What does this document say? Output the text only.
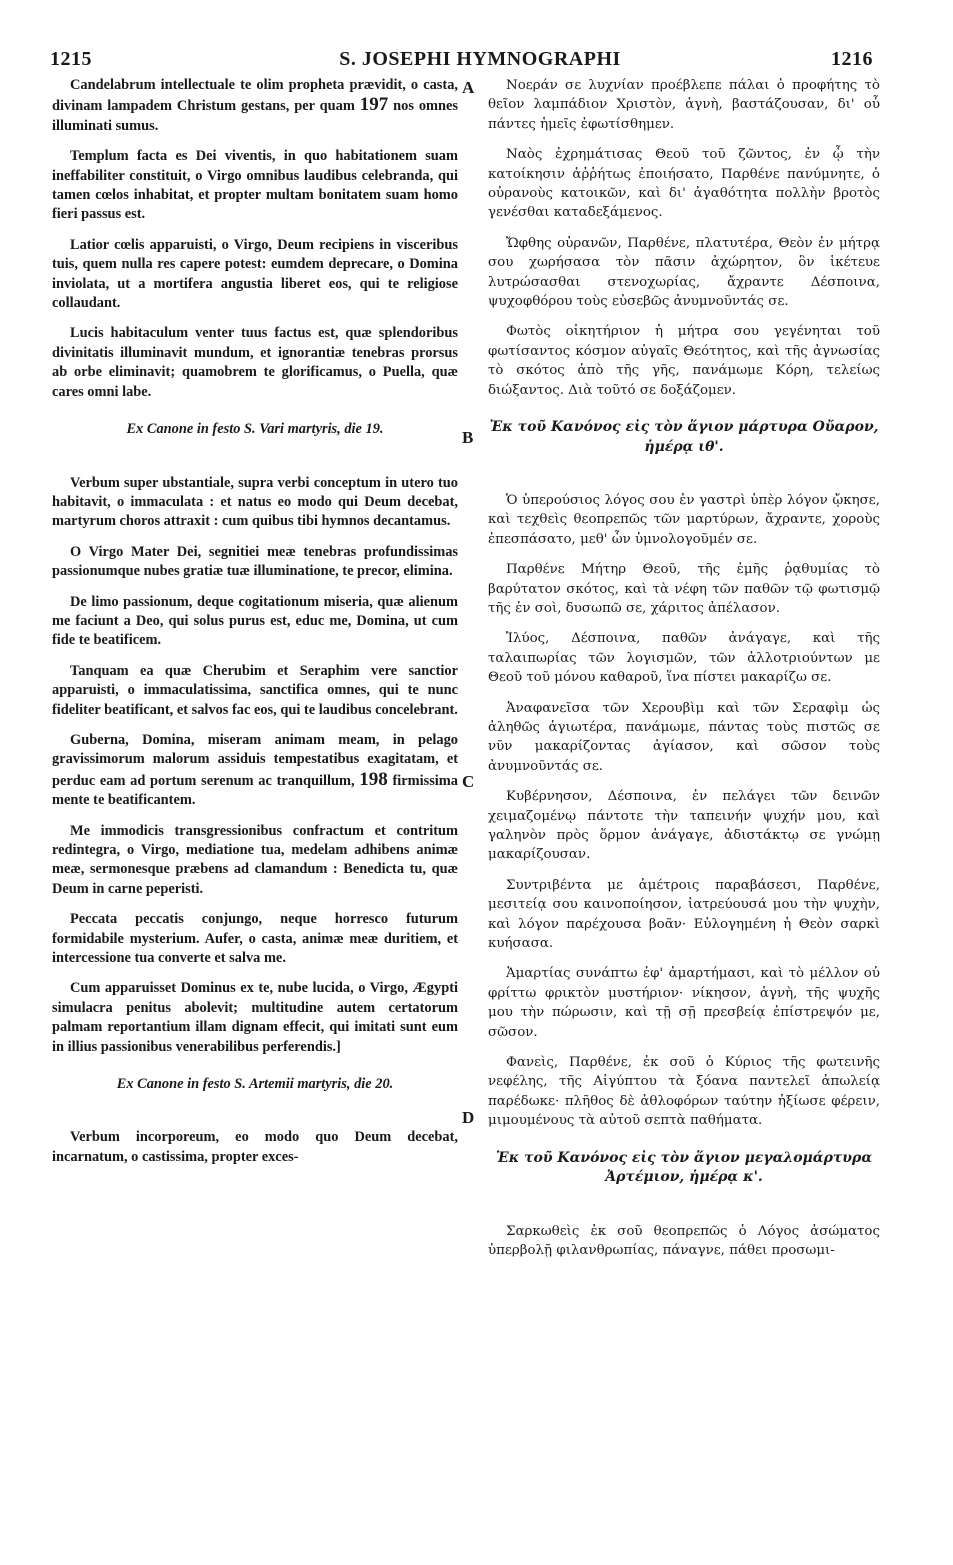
1215	S. JOSEPHI HYMNOGRAPHI	1216
A
B
C
D

Candelabrum intellectuale te olim propheta prævidit, o casta, divinam lampadem Christum gestans, per quam 197 nos omnes illuminati sumus.

Templum facta es Dei viventis, in quo habitationem suam ineffabiliter constituit, o Virgo omnibus laudibus celebranda, qui tamen cœlos inhabitat, et propter multam bonitatem suam homo fieri passus est.

Latior cœlis apparuisti, o Virgo, Deum recipiens in visceribus tuis, quem nulla res capere potest: eumdem deprecare, o Domina inviolata, ut a mortifera angustia liberet eos, qui te religiose collaudant.

Lucis habitaculum venter tuus factus est, quæ splendoribus divinitatis illuminavit mundum, et ignorantiæ tenebras prorsus ab orbe eliminavit; quamobrem te glorificamus, o Puella, quæ cares omni labe.

Ex Canone in festo S. Vari martyris, die 19.

Verbum super ubstantiale, supra verbi conceptum in utero tuo habitavit, o immaculata : et natus eo modo qui Deum decebat, martyrum choros attraxit : cum quibus tibi hymnos decantamus.

O Virgo Mater Dei, segnitiei meæ tenebras profundissimas passionumque nubes gratiæ tuæ illuminatione, te precor, elimina.

De limo passionum, deque cogitationum miseria, quæ alienum me faciunt a Deo, qui solus purus est, educ me, Domina, ut cum fide te beatificem.

Tanquam ea quæ Cherubim et Seraphim vere sanctior apparuisti, o immaculatissima, sanctifica omnes, qui te nunc fideliter beatificant, et salvos fac eos, qui te laudibus concelebrant.

Guberna, Domina, miseram animam meam, in pelago gravissimorum malorum assiduis tempestatibus exagitatam, et perduc eam ad portum serenum ac tranquillum, 198 firmissima mente te beatificantem.

Me immodicis transgressionibus confractum et contritum redintegra, o Virgo, mediatione tua, medelam adhibens animæ meæ, sermonesque præbens ad clamandum : Benedicta tu, quæ Deum in carne peperisti.

Peccata peccatis conjungo, neque horresco futurum formidabile mysterium. Aufer, o casta, animæ meæ duritiem, et intercessione tua converte et salva me.

Cum apparuisset Dominus ex te, nube lucida, o Virgo, Ægypti simulacra penitus abolevit; multitudine autem certatorum palmam reportantium illam dignam effecit, qui imitati sunt eum in illius passionibus venerabilibus perferendis.]

Ex Canone in festo S. Artemii martyris, die 20.

Verbum incorporeum, eo modo quo Deum decebat, incarnatum, o castissima, propter exces-

Νοεράν σε λυχνίαν προέβλεπε πάλαι ὁ προφήτης τὸ θεῖον λαμπάδιον Χριστὸν, ἁγνὴ, βαστάζουσαν, δι' οὗ πάντες ἡμεῖς ἐφωτίσθημεν.

Ναὸς ἐχρημάτισας Θεοῦ τοῦ ζῶντος, ἐν ᾧ τὴν κατοίκησιν ἀῤῥήτως ἐποιήσατο, Παρθένε πανύμνητε, ὁ οὐρανοὺς κατοικῶν, καὶ δι' ἀγαθότητα πολλὴν βροτὸς γενέσθαι καταδεξάμενος.

Ὤφθης οὐρανῶν, Παρθένε, πλατυτέρα, Θεὸν ἐν μήτρᾳ σου χωρήσασα τὸν πᾶσιν ἀχώρητον, ὃν ἱκέτευε λυτρώσασθαι στενοχωρίας, ἄχραντε Δέσποινα, ψυχοφθόρου τοὺς εὐσεβῶς ἀνυμνοῦντάς σε.

Φωτὸς οἰκητήριον ἡ μήτρα σου γεγένηται τοῦ φωτίσαντος κόσμον αὐγαῖς Θεότητος, καὶ τῆς ἀγνωσίας τὸ σκότος ἀπὸ τῆς γῆς, πανάμωμε Κόρη, τελείως διώξαντος. Διὰ τοῦτό σε δοξάζομεν.

Ἐκ τοῦ Κανόνος εἰς τὸν ἅγιον μάρτυρα Οὔαρον, ἡμέρᾳ ιθ'.

Ὁ ὑπερούσιος λόγος σου ἐν γαστρὶ ὑπὲρ λόγον ᾤκησε, καὶ τεχθεὶς θεοπρεπῶς τῶν μαρτύρων, ἄχραντε, χοροὺς ἐπεσπάσατο, μεθ' ὧν ὑμνολογοῦμέν σε.

Παρθένε Μήτηρ Θεοῦ, τῆς ἐμῆς ῥᾳθυμίας τὸ βαρύτατον σκότος, καὶ τὰ νέφη τῶν παθῶν τῷ φωτισμῷ τῆς ἐν σοὶ, δυσωπῶ σε, χάριτος ἀπέλασον.

Ἰλύος, Δέσποινα, παθῶν ἀνάγαγε, καὶ τῆς ταλαιπωρίας τῶν λογισμῶν, τῶν ἀλλοτριούντων με Θεοῦ τοῦ μόνου καθαροῦ, ἵνα πίστει μακαρίζω σε.

Ἀναφανεῖσα τῶν Χερουβὶμ καὶ τῶν Σεραφὶμ ὡς ἀληθῶς ἁγιωτέρα, πανάμωμε, πάντας τοὺς πιστῶς σε νῦν μακαρίζοντας ἁγίασον, καὶ σῶσον τοὺς ἀνυμνοῦντάς σε.

Κυβέρνησον, Δέσποινα, ἐν πελάγει τῶν δεινῶν χειμαζομένῳ πάντοτε τὴν ταπεινήν ψυχήν μου, καὶ γαληνὸν πρὸς ὅρμον ἀνάγαγε, ἀδιστάκτῳ σε γνώμῃ μακαρίζουσαν.

Συντριβέντα με ἀμέτροις παραβάσεσι, Παρθένε, μεσιτείᾳ σου καινοποίησον, ἰατρεύουσά μου τὴν ψυχὴν, καὶ λόγον παρέχουσα βοᾶν· Εὐλογημένη ἡ Θεὸν σαρκὶ κυήσασα.

Ἁμαρτίας συνάπτω ἐφ' ἁμαρτήμασι, καὶ τὸ μέλλον οὐ φρίττω φρικτὸν μυστήριον· νίκησον, ἁγνὴ, τῆς ψυχῆς μου τὴν πώρωσιν, καὶ τῇ σῇ πρεσβείᾳ ἐπίστρεψόν με, σῶσον.

Φανεὶς, Παρθένε, ἐκ σοῦ ὁ Κύριος τῆς φωτεινῆς νεφέλης, τῆς Αἰγύπτου τὰ ξόανα παντελεῖ ἀπωλείᾳ παρέδωκε· πλῆθος δὲ ἀθλοφόρων ταύτην ἠξίωσε φέρειν, μιμουμένους τὰ αὐτοῦ σεπτὰ παθήματα.

Ἐκ τοῦ Κανόνος εἰς τὸν ἅγιον μεγαλομάρτυρα Ἀρτέμιον, ἡμέρᾳ κ'.

Σαρκωθεὶς ἐκ σοῦ θεοπρεπῶς ὁ Λόγος ἀσώματος ὑπερβολῇ φιλανθρωπίας, πάναγνε, πάθει προσωμι-
